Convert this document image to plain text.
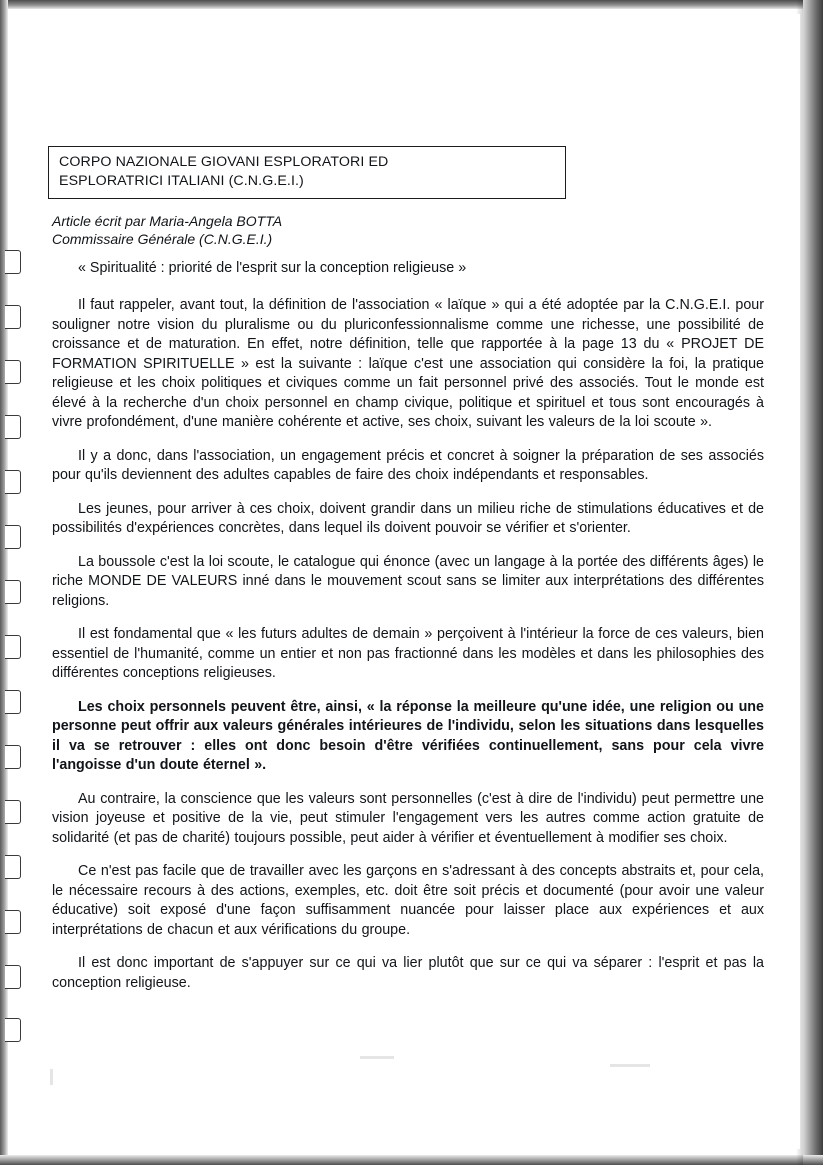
CORPO NAZIONALE GIOVANI ESPLORATORI ED
ESPLORATRICI ITALIANI (C.N.G.E.I.)
Article écrit par Maria-Angela BOTTA
Commissaire Générale (C.N.G.E.I.)

« Spiritualité : priorité de l'esprit sur la conception religieuse »

Il faut rappeler, avant tout, la définition de l'association « laïque » qui a été adoptée par la C.N.G.E.I. pour souligner notre vision du pluralisme ou du pluriconfessionnalisme comme une richesse, une possibilité de croissance et de maturation. En effet, notre définition, telle que rapportée à la page 13 du « PROJET DE FORMATION SPIRITUELLE » est la suivante : laïque c'est une association qui considère la foi, la pratique religieuse et les choix politiques et civiques comme un fait personnel privé des associés. Tout le monde est élevé à la recherche d'un choix personnel en champ civique, politique et spirituel et tous sont encouragés à vivre profondément, d'une manière cohérente et active, ses choix, suivant les valeurs de la loi scoute ».

Il y a donc, dans l'association, un engagement précis et concret à soigner la préparation de ses associés pour qu'ils deviennent des adultes capables de faire des choix indépendants et responsables.

Les jeunes, pour arriver à ces choix, doivent grandir dans un milieu riche de stimulations éducatives et de possibilités d'expériences concrètes, dans lequel ils doivent pouvoir se vérifier et s'orienter.

La boussole c'est la loi scoute, le catalogue qui énonce (avec un langage à la portée des différents âges) le riche MONDE DE VALEURS inné dans le mouvement scout sans se limiter aux interprétations des différentes religions.

Il est fondamental que « les futurs adultes de demain » perçoivent à l'intérieur la force de ces valeurs, bien essentiel de l'humanité, comme un entier et non pas fractionné dans les modèles et dans les philosophies des différentes conceptions religieuses.

Les choix personnels peuvent être, ainsi, « la réponse la meilleure qu'une idée, une religion ou une personne peut offrir aux valeurs générales intérieures de l'individu, selon les situations dans lesquelles il va se retrouver : elles ont donc besoin d'être vérifiées continuellement, sans pour cela vivre l'angoisse d'un doute éternel ».

Au contraire, la conscience que les valeurs sont personnelles (c'est à dire de l'individu) peut permettre une vision joyeuse et positive de la vie, peut stimuler l'engagement vers les autres comme action gratuite de solidarité (et pas de charité) toujours possible, peut aider à vérifier et éventuellement à modifier ses choix.

Ce n'est pas facile que de travailler avec les garçons en s'adressant à des concepts abstraits et, pour cela, le nécessaire recours à des actions, exemples, etc. doit être soit précis et documenté (pour avoir une valeur éducative) soit exposé d'une façon suffisamment nuancée pour laisser place aux expériences et aux interprétations de chacun et aux vérifications du groupe.

Il est donc important de s'appuyer sur ce qui va lier plutôt que sur ce qui va séparer : l'esprit et pas la conception religieuse.
